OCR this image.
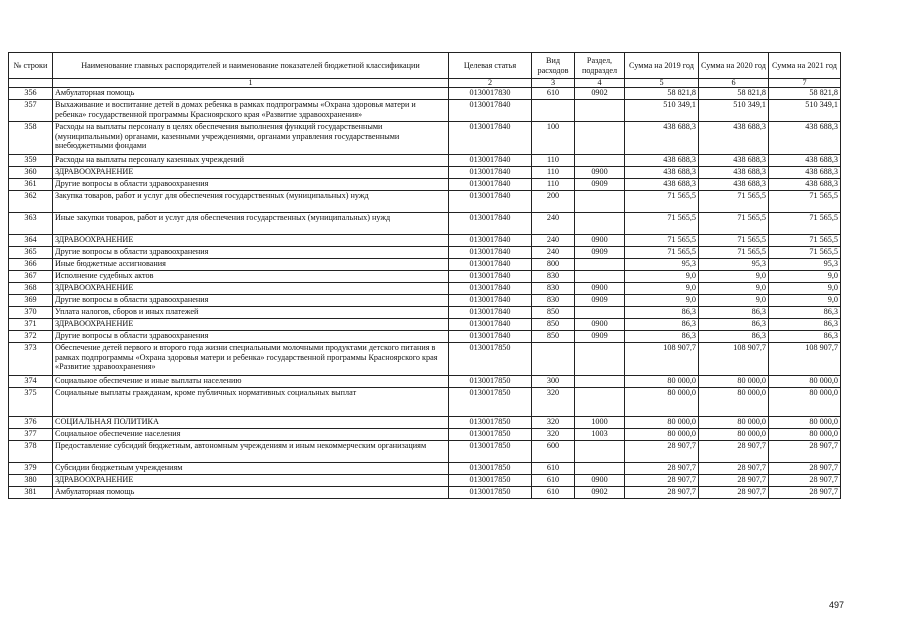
№ строки	Наименование главных распорядителей и наименование показателей бюджетной классификации	Целевая статья	Вид расходов	Раздел, подраздел	Сумма на 2019 год	Сумма на 2020 год	Сумма на 2021 год
	1	2	3	4	5	6	7
356	Амбулаторная помощь	0130017830	610	0902	58 821,8	58 821,8	58 821,8
357	Выхаживание и воспитание детей в домах ребенка в рамках подпрограммы «Охрана здоровья матери и ребенка» государственной программы Красноярского края «Развитие здравоохранения»	0130017840			510 349,1	510 349,1	510 349,1
358	Расходы на выплаты персоналу в целях обеспечения выполнения функций государственными (муниципальными) органами, казенными учреждениями, органами управления государственными внебюджетными фондами	0130017840	100		438 688,3	438 688,3	438 688,3
359	Расходы на выплаты персоналу казенных учреждений	0130017840	110		438 688,3	438 688,3	438 688,3
360	ЗДРАВООХРАНЕНИЕ	0130017840	110	0900	438 688,3	438 688,3	438 688,3
361	Другие вопросы в области здравоохранения	0130017840	110	0909	438 688,3	438 688,3	438 688,3
362	Закупка товаров, работ и услуг для обеспечения государственных (муниципальных) нужд	0130017840	200		71 565,5	71 565,5	71 565,5
363	Иные закупки товаров, работ и услуг для обеспечения государственных (муниципальных) нужд	0130017840	240		71 565,5	71 565,5	71 565,5
364	ЗДРАВООХРАНЕНИЕ	0130017840	240	0900	71 565,5	71 565,5	71 565,5
365	Другие вопросы в области здравоохранения	0130017840	240	0909	71 565,5	71 565,5	71 565,5
366	Иные бюджетные ассигнования	0130017840	800		95,3	95,3	95,3
367	Исполнение судебных актов	0130017840	830		9,0	9,0	9,0
368	ЗДРАВООХРАНЕНИЕ	0130017840	830	0900	9,0	9,0	9,0
369	Другие вопросы в области здравоохранения	0130017840	830	0909	9,0	9,0	9,0
370	Уплата налогов, сборов и иных платежей	0130017840	850		86,3	86,3	86,3
371	ЗДРАВООХРАНЕНИЕ	0130017840	850	0900	86,3	86,3	86,3
372	Другие вопросы в области здравоохранения	0130017840	850	0909	86,3	86,3	86,3
373	Обеспечение детей первого и второго года жизни специальными молочными продуктами детского питания в рамках подпрограммы «Охрана здоровья матери и ребенка» государственной программы Красноярского края «Развитие здравоохранения»	0130017850			108 907,7	108 907,7	108 907,7
374	Социальное обеспечение и иные выплаты населению	0130017850	300		80 000,0	80 000,0	80 000,0
375	Социальные выплаты гражданам, кроме публичных нормативных социальных выплат	0130017850	320		80 000,0	80 000,0	80 000,0
376	СОЦИАЛЬНАЯ ПОЛИТИКА	0130017850	320	1000	80 000,0	80 000,0	80 000,0
377	Социальное обеспечение населения	0130017850	320	1003	80 000,0	80 000,0	80 000,0
378	Предоставление субсидий бюджетным, автономным учреждениям и иным некоммерческим организациям	0130017850	600		28 907,7	28 907,7	28 907,7
379	Субсидии бюджетным учреждениям	0130017850	610		28 907,7	28 907,7	28 907,7
380	ЗДРАВООХРАНЕНИЕ	0130017850	610	0900	28 907,7	28 907,7	28 907,7
381	Амбулаторная помощь	0130017850	610	0902	28 907,7	28 907,7	28 907,7
497
